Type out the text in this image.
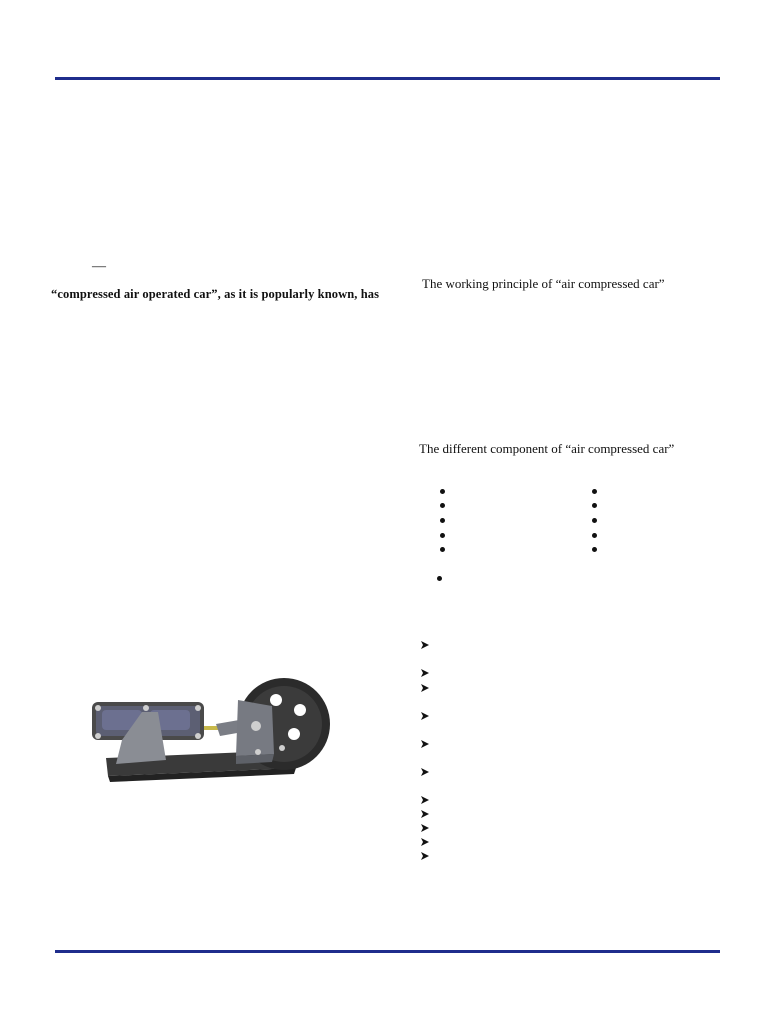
—
“compressed air operated car”, as it is popularly known, has
The working principle of “air compressed car”
The different component of “air compressed car”
